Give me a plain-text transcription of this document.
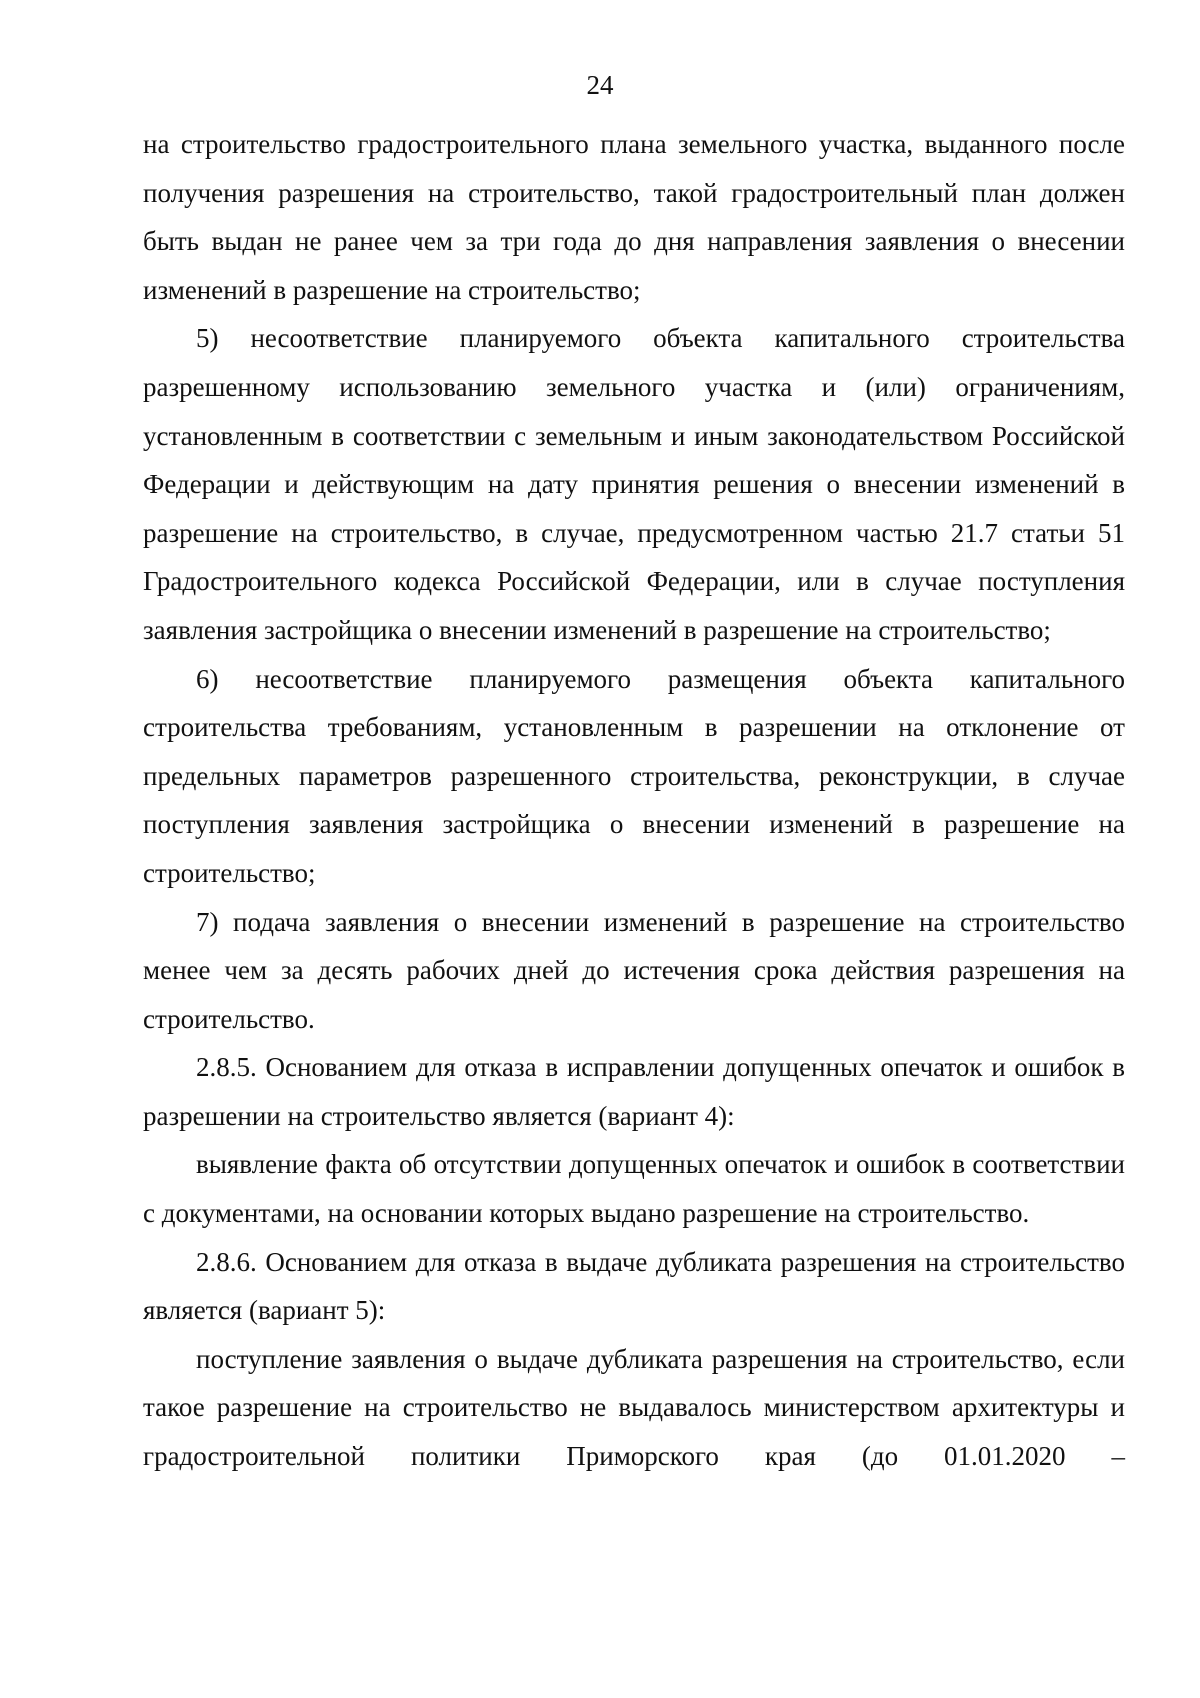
24

на строительство градостроительного плана земельного участка, выданного после получения разрешения на строительство, такой градостроительный план должен быть выдан не ранее чем за три года до дня направления заявления о внесении изменений в разрешение на строительство;

5) несоответствие планируемого объекта капитального строительства разрешенному использованию земельного участка и (или) ограничениям, установленным в соответствии с земельным и иным законодательством Российской Федерации и действующим на дату принятия решения о внесении изменений в разрешение на строительство, в случае, предусмотренном частью 21.7 статьи 51 Градостроительного кодекса Российской Федерации, или в случае поступления заявления застройщика о внесении изменений в разрешение на строительство;

6) несоответствие планируемого размещения объекта капитального строительства требованиям, установленным в разрешении на отклонение от предельных параметров разрешенного строительства, реконструкции, в случае поступления заявления застройщика о внесении изменений в разрешение на строительство;

7) подача заявления о внесении изменений в разрешение на строительство менее чем за десять рабочих дней до истечения срока действия разрешения на строительство.

2.8.5. Основанием для отказа в исправлении допущенных опечаток и ошибок в разрешении на строительство является (вариант 4):

выявление факта об отсутствии допущенных опечаток и ошибок в соответствии с документами, на основании которых выдано разрешение на строительство.

2.8.6. Основанием для отказа в выдаче дубликата разрешения на строительство является (вариант 5):

поступление заявления о выдаче дубликата разрешения на строительство, если такое разрешение на строительство не выдавалось министерством архитектуры и градостроительной политики Приморского края (до 01.01.2020 –
